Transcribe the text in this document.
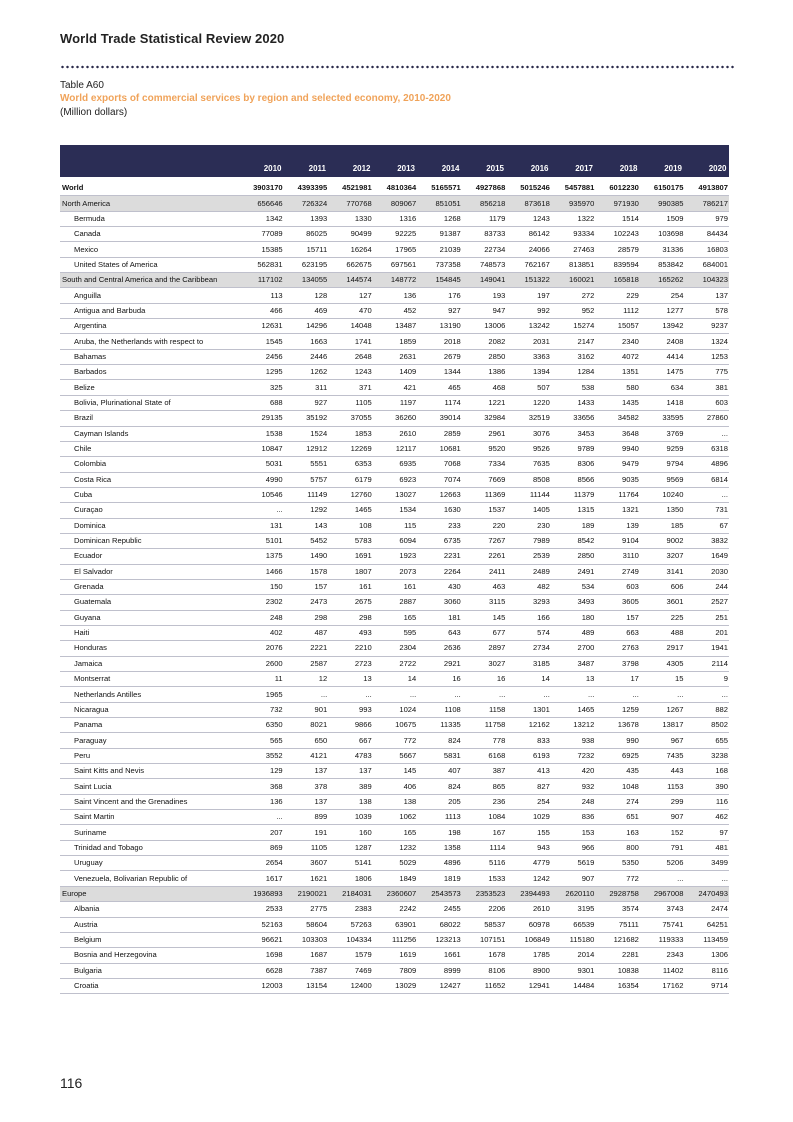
World Trade Statistical Review 2020
Table A60
World exports of commercial services by region and selected economy, 2010-2020
(Million dollars)
2010	2011	2012	2013	2014	2015	2016	2017	2018	2019	2020
World	3903170	4393395	4521981	4810364	5165571	4927868	5015246	5457881	6012230	6150175	4913807
North America	656646	726324	770768	809067	851051	856218	873618	935970	971930	990385	786217
Bermuda	1342	1393	1330	1316	1268	1179	1243	1322	1514	1509	979
Canada	77089	86025	90499	92225	91387	83733	86142	93334	102243	103698	84434
Mexico	15385	15711	16264	17965	21039	22734	24066	27463	28579	31336	16803
United States of America	562831	623195	662675	697561	737358	748573	762167	813851	839594	853842	684001
South and Central America and the Caribbean	117102	134055	144574	148772	154845	149041	151322	160021	165818	165262	104323
Anguilla	113	128	127	136	176	193	197	272	229	254	137
Antigua and Barbuda	466	469	470	452	927	947	992	952	1112	1277	578
Argentina	12631	14296	14048	13487	13190	13006	13242	15274	15057	13942	9237
Aruba, the Netherlands with respect to	1545	1663	1741	1859	2018	2082	2031	2147	2340	2408	1324
Bahamas	2456	2446	2648	2631	2679	2850	3363	3162	4072	4414	1253
Barbados	1295	1262	1243	1409	1344	1386	1394	1284	1351	1475	775
Belize	325	311	371	421	465	468	507	538	580	634	381
Bolivia, Plurinational State of	688	927	1105	1197	1174	1221	1220	1433	1435	1418	603
Brazil	29135	35192	37055	36260	39014	32984	32519	33656	34582	33595	27860
Cayman Islands	1538	1524	1853	2610	2859	2961	3076	3453	3648	3769	...
Chile	10847	12912	12269	12117	10681	9520	9526	9789	9940	9259	6318
Colombia	5031	5551	6353	6935	7068	7334	7635	8306	9479	9794	4896
Costa Rica	4990	5757	6179	6923	7074	7669	8508	8566	9035	9569	6814
Cuba	10546	11149	12760	13027	12663	11369	11144	11379	11764	10240	...
Curaçao	...	1292	1465	1534	1630	1537	1405	1315	1321	1350	731
Dominica	131	143	108	115	233	220	230	189	139	185	67
Dominican Republic	5101	5452	5783	6094	6735	7267	7989	8542	9104	9002	3832
Ecuador	1375	1490	1691	1923	2231	2261	2539	2850	3110	3207	1649
El Salvador	1466	1578	1807	2073	2264	2411	2489	2491	2749	3141	2030
Grenada	150	157	161	161	430	463	482	534	603	606	244
Guatemala	2302	2473	2675	2887	3060	3115	3293	3493	3605	3601	2527
Guyana	248	298	298	165	181	145	166	180	157	225	251
Haiti	402	487	493	595	643	677	574	489	663	488	201
Honduras	2076	2221	2210	2304	2636	2897	2734	2700	2763	2917	1941
Jamaica	2600	2587	2723	2722	2921	3027	3185	3487	3798	4305	2114
Montserrat	11	12	13	14	16	16	14	13	17	15	9
Netherlands Antilles	1965	...	...	...	...	...	...	...	...	...	...
Nicaragua	732	901	993	1024	1108	1158	1301	1465	1259	1267	882
Panama	6350	8021	9866	10675	11335	11758	12162	13212	13678	13817	8502
Paraguay	565	650	667	772	824	778	833	938	990	967	655
Peru	3552	4121	4783	5667	5831	6168	6193	7232	6925	7435	3238
Saint Kitts and Nevis	129	137	137	145	407	387	413	420	435	443	168
Saint Lucia	368	378	389	406	824	865	827	932	1048	1153	390
Saint Vincent and the Grenadines	136	137	138	138	205	236	254	248	274	299	116
Saint Martin	...	899	1039	1062	1113	1084	1029	836	651	907	462
Suriname	207	191	160	165	198	167	155	153	163	152	97
Trinidad and Tobago	869	1105	1287	1232	1358	1114	943	966	800	791	481
Uruguay	2654	3607	5141	5029	4896	5116	4779	5619	5350	5206	3499
Venezuela, Bolivarian Republic of	1617	1621	1806	1849	1819	1533	1242	907	772	...	...
Europe	1936893	2190021	2184031	2360607	2543573	2353523	2394493	2620110	2928758	2967008	2470493
Albania	2533	2775	2383	2242	2455	2206	2610	3195	3574	3743	2474
Austria	52163	58604	57263	63901	68022	58537	60978	66539	75111	75741	64251
Belgium	96621	103303	104334	111256	123213	107151	106849	115180	121682	119333	113459
Bosnia and Herzegovina	1698	1687	1579	1619	1661	1678	1785	2014	2281	2343	1306
Bulgaria	6628	7387	7469	7809	8999	8106	8900	9301	10838	11402	8116
Croatia	12003	13154	12400	13029	12427	11652	12941	14484	16354	17162	9714
116
